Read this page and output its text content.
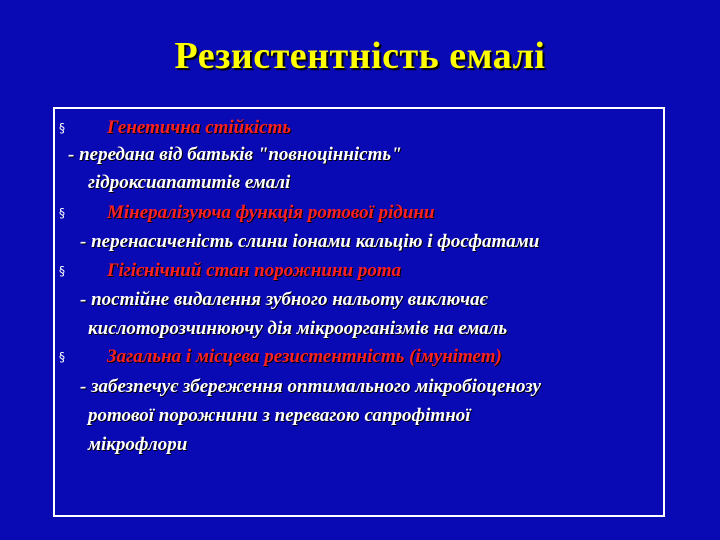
Резистентність емалі
§ Генетична стійкість
- передана від батьків "повноцінність"
гідроксиапатитів емалі
§ Мінералізуюча функція ротової рідини
- перенасиченість слини іонами кальцію і фосфатами
§ Гігієнічний стан порожнини рота
- постійне видалення зубного нальоту виключає
кислоторозчинюючу дія мікроорганізмів на емаль
§ Загальна і місцева резистентність (імунітет)
- забезпечує збереження оптимального мікробіоценозу
ротової порожнини з перевагою сапрофітної
мікрофлори
